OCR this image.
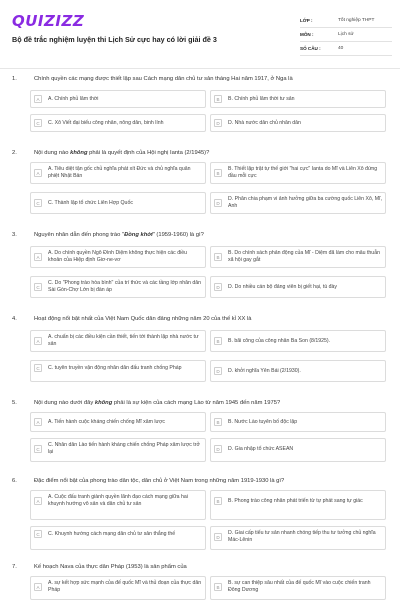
QUIZIZZ
Bộ đề trắc nghiệm luyện thi Lịch Sử cực hay có lời giải đề 3
LỚP :	Tốt nghiệp THPT
MÔN :	Lịch sử
SỐ CÂU :	40
1.	Chính quyền các mạng được thiết lập sau Cách mạng dân chủ tư sản tháng Hai năm 1917, ở Nga là
A	A. Chính phủ lâm thời	B	B. Chính phủ lâm thời tư sản
C	C. Xô Viết đại biểu công nhân, nông dân, binh lính	D	D. Nhà nước dân chủ nhân dân
2.	Nội dung nào không phải là quyết định của Hội nghị Ianta (2/1945)?
A
A. Tiêu diệt tận gốc chủ nghĩa phát xít Đức và chủ nghĩa quân phiệt Nhật Bản	B
B. Thiết lập trật tự thế giới "hai cực" Ianta do Mĩ và Liên Xô đứng đầu mỗi cực
C	C. Thành lập tổ chức Liên Hợp Quốc	D
D. Phân chia phạm vi ảnh hưởng giữa ba cường quốc Liên Xô, Mĩ, Anh
3.	Nguyên nhân dẫn đến phong trào "Đồng khởi" (1959-1960) là gì?
A
A. Do chính quyền Ngô Đình Diệm không thực hiện các điều khoản của Hiệp định Giơ-ne-vơ	B
B. Do chính sách phản động của Mĩ - Diệm đã làm cho mâu thuẫn xã hội gay gắt
C
C. Do "Phong trào hòa bình" của trí thức và các tầng lớp nhân dân Sài Gòn-Chợ Lớn bị đàn áp	D	D. Do nhiều cán bộ đảng viên bị giết hại, tù đày
4.	Hoạt động nổi bật nhất của Việt Nam Quốc dân đảng những năm 20 của thế kỉ XX là
A
A. chuẩn bị các điều kiện cần thiết, tiến tới thành lập nhà nước tư sản	B	B. bãi công của công nhân Ba Son (8/1925).
C	C. tuyên truyền vận động nhân dân đấu tranh chống Pháp
D	D. khởi nghĩa Yên Bái (2/1930).
5.	Nội dung nào dưới đây không phải là sự kiện của cách mạng Lào từ năm 1945 đến năm 1975?
A	A. Tiến hành cuộc kháng chiến chống Mĩ xâm lược	B	B. Nước Lào tuyên bố độc lập
C
C. Nhân dân Lào tiến hành kháng chiến chống Pháp xâm lược trở lại	D	D. Gia nhập tổ chức ASEAN
6.	Đặc điểm nổi bật của phong trào dân tộc, dân chủ ở Việt Nam trong những năm 1919-1930 là gì?
A
A. Cuộc đấu tranh giành quyền lãnh đạo cách mạng giữa hai khuynh hướng vô sản và dân chủ tư sản	B	B. Phong trào công nhân phát triển từ tự phát sang tự giác
C	C. Khuynh hướng cách mạng dân chủ tư sản thắng thế
D
D. Giai cấp tiểu tư sản nhanh chóng tiếp thu tư tưởng chủ nghĩa Mác-Lênin
7.	Kế hoạch Nava của thực dân Pháp (1953) là sản phẩm của
A
A. sự kết hợp sức mạnh của đế quốc Mĩ và thủ đoạn của thực dân Pháp	B
B. sự can thiệp sâu nhất của đế quốc Mĩ vào cuộc chiến tranh Đông Dương
